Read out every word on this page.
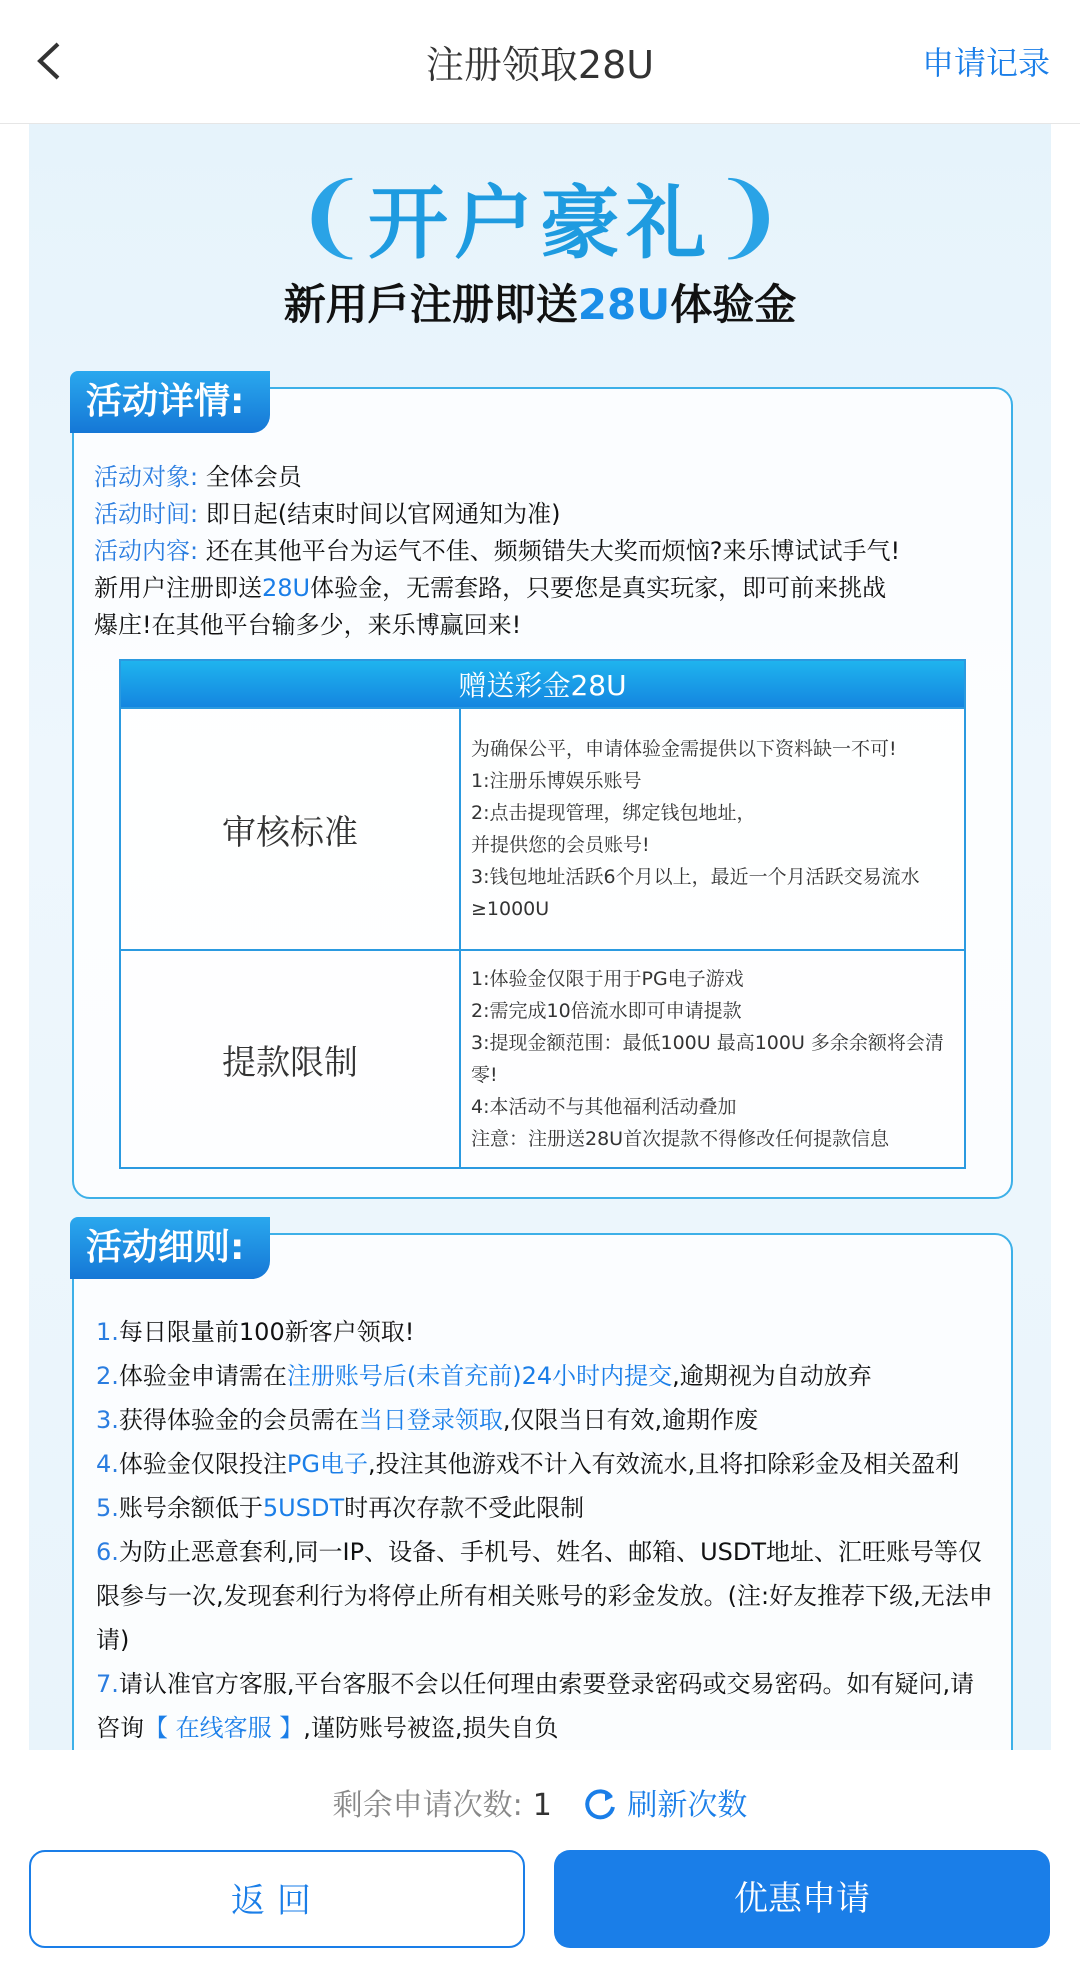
注册领取28U	申请记录
❨	❩
开户豪礼
新用戶注册即送28U体验金
活动详情:
活动对象: 全体会员
活动时间: 即日起(结束时间以官网通知为准)
活动内容: 还在其他平台为运气不佳、频频错失大奖而烦恼?来乐博试试手气!
新用户注册即送28U体验金，无需套路，只要您是真实玩家，即可前来挑战
爆庄!在其他平台输多少，来乐博赢回来!
赠送彩金28U	
审核标准	为确保公平，申请体验金需提供以下资料缺一不可!
1:注册乐博娱乐账号
2:点击提现管理，绑定钱包地址，
并提供您的会员账号!
3:钱包地址活跃6个月以上，最近一个月活跃交易流水≥1000U

提款限制	1:体验金仅限于用于PG电子游戏
2:需完成10倍流水即可申请提款
3:提现金额范围：最低100U 最高100U 多余余额将会清零!
4:本活动不与其他福利活动叠加
注意：注册送28U首次提款不得修改任何提款信息
活动细则:
1.每日限量前100新客户领取!
2.体验金申请需在注册账号后(未首充前)24小时内提交,逾期视为自动放弃
3.获得体验金的会员需在当日登录领取,仅限当日有效,逾期作废
4.体验金仅限投注PG电子,投注其他游戏不计入有效流水,且将扣除彩金及相关盈利
5.账号余额低于5USDT时再次存款不受此限制
6.为防止恶意套利,同一IP、设备、手机号、姓名、邮箱、USDT地址、汇旺账号等仅限参与一次,发现套利行为将停止所有相关账号的彩金发放。(注:好友推荐下级,无法申请)
7.请认准官方客服,平台客服不会以任何理由索要登录密码或交易密码。如有疑问,请咨询【 在线客服 】,谨防账号被盗,损失自负
剩余申请次数: 1	刷新次数
返回	优惠申请
